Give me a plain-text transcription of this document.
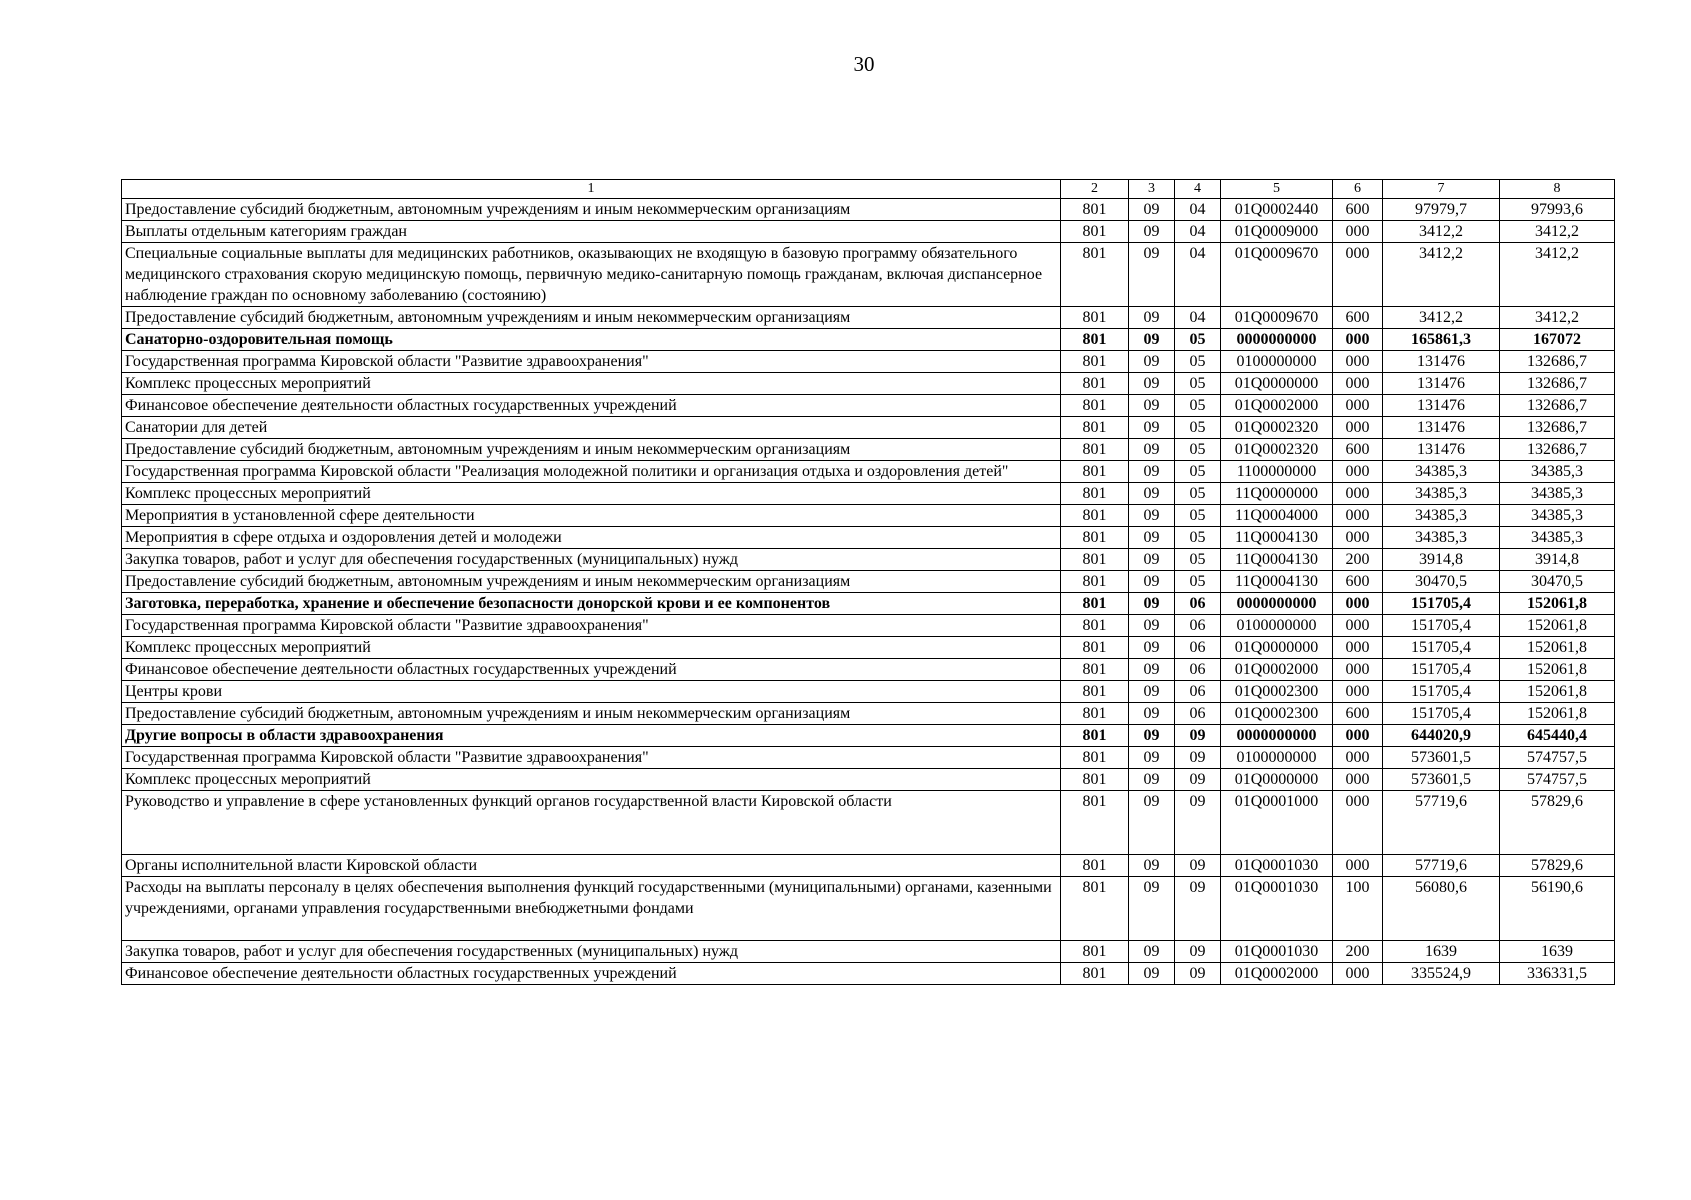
30
1	2	3	4	5	6	7	8
Предоставление субсидий бюджетным, автономным учреждениям и иным некоммерческим организациям	801	09	04	01Q0002440	600	97979,7	97993,6
Выплаты отдельным категориям граждан	801	09	04	01Q0009000	000	3412,2	3412,2
Специальные социальные выплаты для медицинских работников, оказывающих не входящую в базовую программу обязательного медицинского страхования скорую медицинскую помощь, первичную медико-санитарную помощь гражданам, включая диспансерное наблюдение граждан по основному заболеванию (состоянию)	801	09	04	01Q0009670	000	3412,2	3412,2
Предоставление субсидий бюджетным, автономным учреждениям и иным некоммерческим организациям	801	09	04	01Q0009670	600	3412,2	3412,2
Санаторно-оздоровительная помощь	801	09	05	0000000000	000	165861,3	167072
Государственная программа Кировской области "Развитие здравоохранения"	801	09	05	0100000000	000	131476	132686,7
Комплекс процессных мероприятий	801	09	05	01Q0000000	000	131476	132686,7
Финансовое обеспечение деятельности областных государственных учреждений	801	09	05	01Q0002000	000	131476	132686,7
Санатории для детей	801	09	05	01Q0002320	000	131476	132686,7
Предоставление субсидий бюджетным, автономным учреждениям и иным некоммерческим организациям	801	09	05	01Q0002320	600	131476	132686,7
Государственная программа Кировской области "Реализация молодежной политики и организация отдыха и оздоровления детей"	801	09	05	1100000000	000	34385,3	34385,3
Комплекс процессных мероприятий	801	09	05	11Q0000000	000	34385,3	34385,3
Мероприятия в установленной сфере деятельности	801	09	05	11Q0004000	000	34385,3	34385,3
Мероприятия в сфере отдыха и оздоровления детей и молодежи	801	09	05	11Q0004130	000	34385,3	34385,3
Закупка товаров, работ и услуг для обеспечения государственных (муниципальных) нужд	801	09	05	11Q0004130	200	3914,8	3914,8
Предоставление субсидий бюджетным, автономным учреждениям и иным некоммерческим организациям	801	09	05	11Q0004130	600	30470,5	30470,5
Заготовка, переработка, хранение и обеспечение безопасности донорской крови и ее компонентов	801	09	06	0000000000	000	151705,4	152061,8
Государственная программа Кировской области "Развитие здравоохранения"	801	09	06	0100000000	000	151705,4	152061,8
Комплекс процессных мероприятий	801	09	06	01Q0000000	000	151705,4	152061,8
Финансовое обеспечение деятельности областных государственных учреждений	801	09	06	01Q0002000	000	151705,4	152061,8
Центры крови	801	09	06	01Q0002300	000	151705,4	152061,8
Предоставление субсидий бюджетным, автономным учреждениям и иным некоммерческим организациям	801	09	06	01Q0002300	600	151705,4	152061,8
Другие вопросы в области здравоохранения	801	09	09	0000000000	000	644020,9	645440,4
Государственная программа Кировской области "Развитие здравоохранения"	801	09	09	0100000000	000	573601,5	574757,5
Комплекс процессных мероприятий	801	09	09	01Q0000000	000	573601,5	574757,5
Руководство и управление в сфере установленных функций органов государственной власти Кировской области	801	09	09	01Q0001000	000	57719,6	57829,6
Органы исполнительной власти Кировской области	801	09	09	01Q0001030	000	57719,6	57829,6
Расходы на выплаты персоналу в целях обеспечения выполнения функций государственными (муниципальными) органами, казенными учреждениями, органами управления государственными внебюджетными фондами	801	09	09	01Q0001030	100	56080,6	56190,6
Закупка товаров, работ и услуг для обеспечения государственных (муниципальных) нужд	801	09	09	01Q0001030	200	1639	1639
Финансовое обеспечение деятельности областных государственных учреждений	801	09	09	01Q0002000	000	335524,9	336331,5
